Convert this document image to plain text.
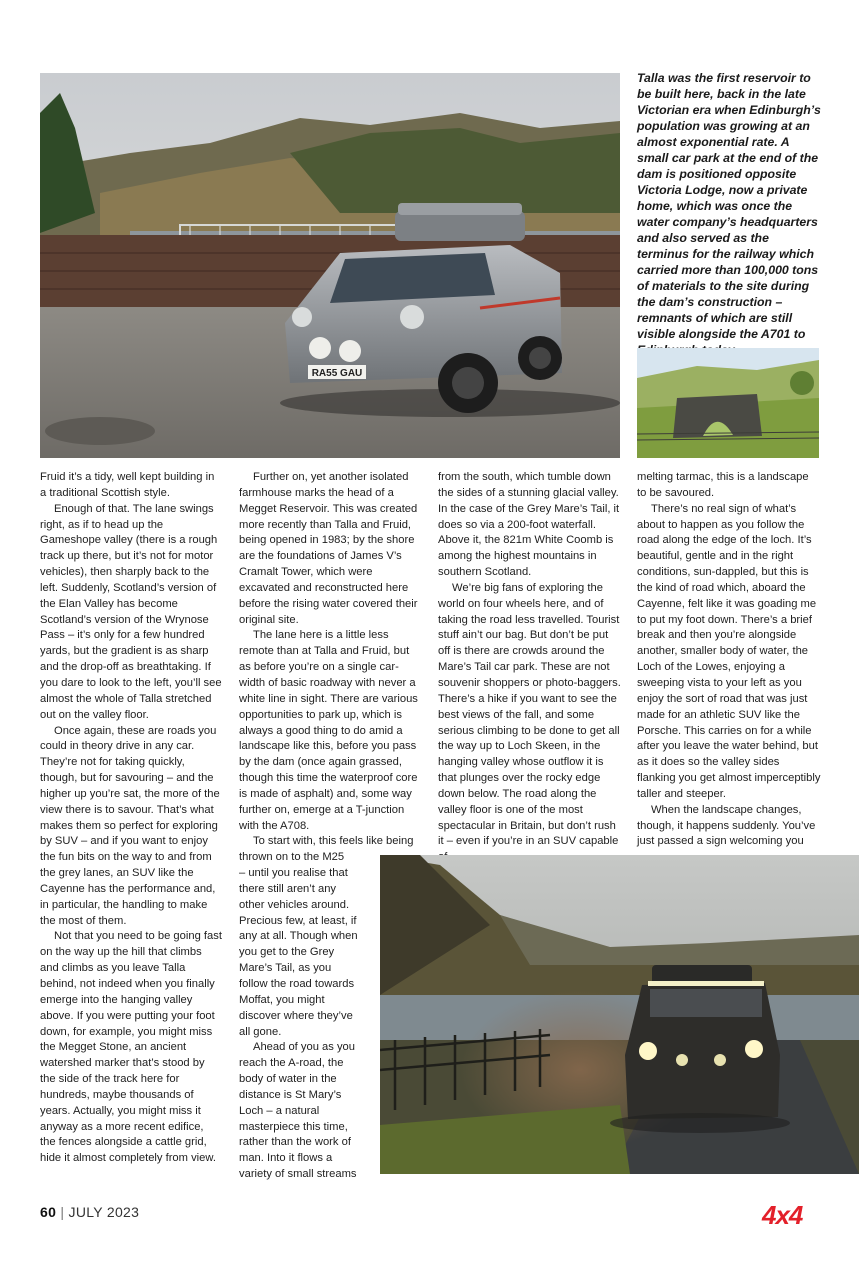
RA55 GAU

Talla was the first reservoir to be built here, back in the late Victorian era when Edinburgh’s population was growing at an almost exponential rate. A small car park at the end of the dam is positioned opposite Victoria Lodge, now a private home, which was once the water company’s headquarters and also served as the terminus for the railway which carried more than 100,000 tons of materials to the site during the dam’s construction – remnants of which are still visible alongside the A701 to

Fruid it’s a tidy, well kept building in a traditional Scottish style.

Enough of that. The lane swings right, as if to head up the Gameshope valley (there is a rough track up there, but it’s not for motor vehicles), then sharply back to the left. Suddenly, Scotland’s version of the Elan Valley has become Scotland’s version of the Wrynose Pass – it’s only for a few hundred yards, but the gradient is as sharp and the drop-off as breathtaking. If you dare to look to the left, you’ll see almost the whole of Talla stretched out on the valley floor.

Once again, these are roads you could in theory drive in any car. They’re not for taking quickly, though, but for savouring – and the higher up you’re sat, the more of the view there is to savour. That’s what makes them so perfect for exploring by SUV – and if you want to enjoy the fun bits on the way to and from the grey lanes, an SUV like the Cayenne has the performance and, in particular, the handling to make the most of them.

Not that you need to be going fast on the way up the hill that climbs and climbs as you leave Talla behind, not indeed when you finally emerge into the hanging valley above. If you were putting your foot down, for example, you might miss the Megget Stone, an ancient watershed marker that’s stood by the side of the track here for hundreds, maybe thousands of years. Actually, you might miss it anyway as a more recent edifice, the fences alongside a cattle grid, hide it almost completely from view.

Further on, yet another isolated farmhouse marks the head of a Megget Reservoir. This was created more recently than Talla and Fruid, being opened in 1983; by the shore are the foundations of James V’s Cramalt Tower, which were excavated and reconstructed here before the rising water covered their original site.

The lane here is a little less remote than at Talla and Fruid, but as before you’re on a single car-width of basic roadway with never a white line in sight. There are various opportunities to park up, which is always a good thing to do amid a landscape like this, before you pass by the dam (once again grassed, though this time the waterproof core is made of asphalt) and, some way further on, emerge at a T-junction with the A708.

To start with, this feels like being thrown on to the M25

– until you realise that there still aren’t any other vehicles around. Precious few, at least, if any at all. Though when you get to the Grey Mare’s Tail, as you follow the road towards Moffat, you might discover where they’ve all gone.

Ahead of you as you reach the A-road, the body of water in the distance is St Mary’s Loch – a natural masterpiece this time, rather than the work of man. Into it flows a variety of small streams

from the south, which tumble down the sides of a stunning glacial valley. In the case of the Grey Mare’s Tail, it does so via a 200-foot waterfall. Above it, the 821m White Coomb is among the highest mountains in southern Scotland.

We’re big fans of exploring the world on four wheels here, and of taking the road less travelled. Tourist stuff ain’t our bag. But don’t be put off is there are crowds around the Mare’s Tail car park. These are not souvenir shoppers or photo-baggers. There’s a hike if you want to see the best views of the fall, and some serious climbing to be done to get all the way up to Loch Skeen, in the hanging valley whose outflow it is that plunges over the rocky edge down below. The road along the valley floor is one of the most spectacular in Britain, but don’t rush it – even if you’re in an SUV capable

melting tarmac, this is a landscape to be savoured.

There’s no real sign of what’s about to happen as you follow the road along the edge of the loch. It’s beautiful, gentle and in the right conditions, sun-dappled, but this is the kind of road which, aboard the Cayenne, felt like it was goading me to put my foot down. There’s a brief break and then you’re alongside another, smaller body of water, the Loch of the Lowes, enjoying a sweeping vista to your left as you enjoy the sort of road that was just made for an athletic SUV like the Porsche. This carries on for a while after you leave the water behind, but as it does so the valley sides flanking you get almost imperceptibly taller and steeper.

When the landscape changes, though, it happens suddenly. You’ve just passed a sign welcoming you

60 | JULY 2023	4x4
